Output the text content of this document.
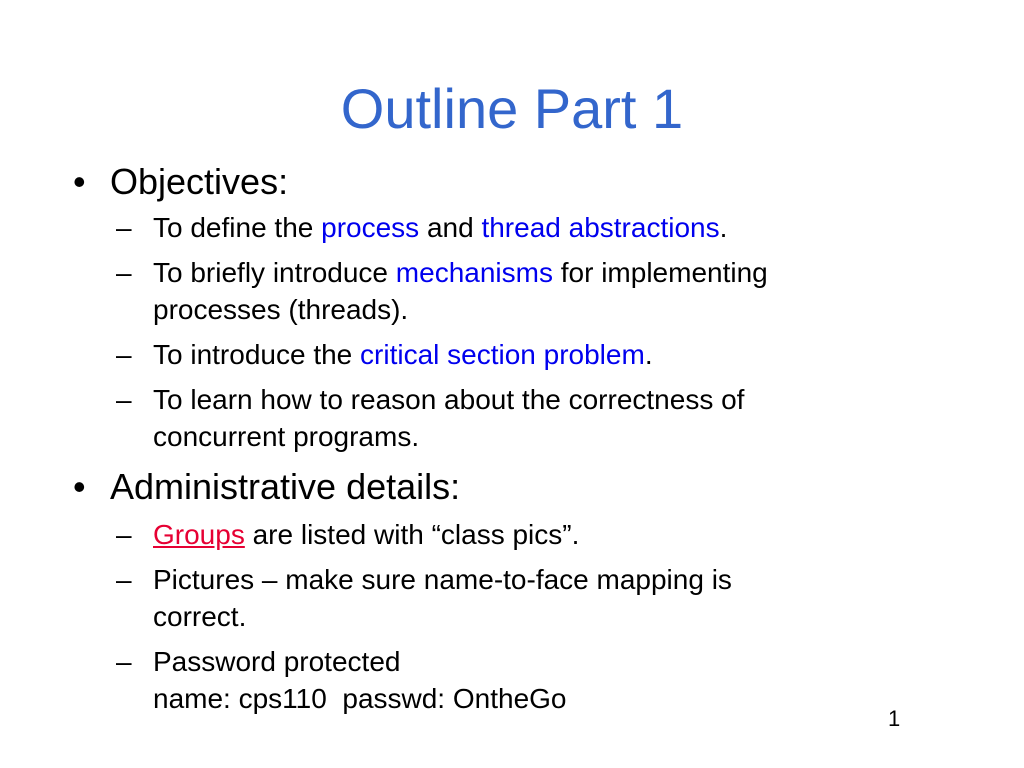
Outline Part 1
• Objectives:
– To define the process and thread abstractions.
– To briefly introduce mechanisms for implementing
processes (threads).
– To introduce the critical section problem.
– To learn how to reason about the correctness of
concurrent programs.
• Administrative details:
– Groups are listed with “class pics”.
– Pictures – make sure name-to-face mapping is
correct.
– Password protected
name: cps110  passwd: OntheGo
1
